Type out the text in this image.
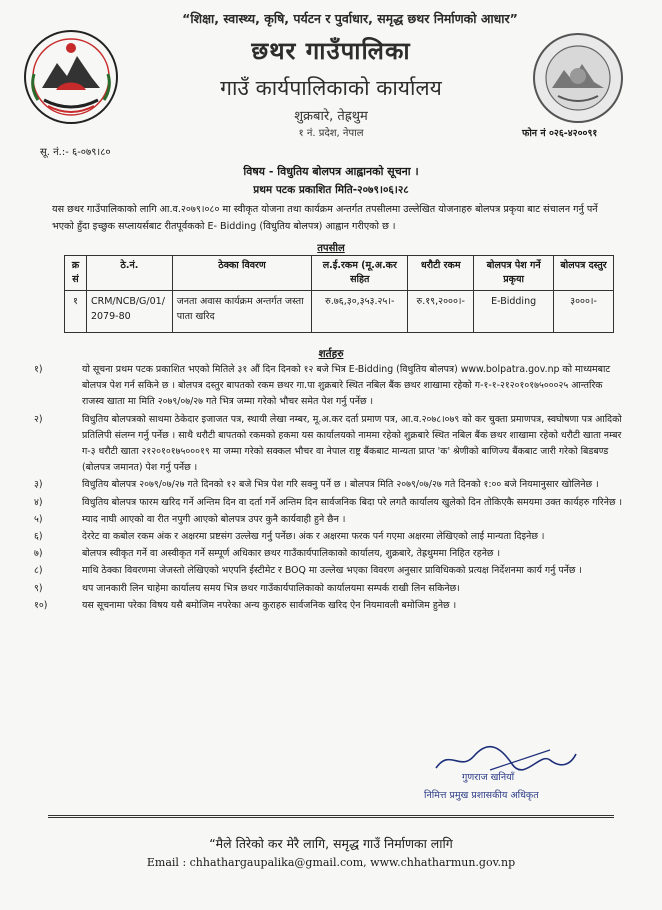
“शिक्षा, स्वास्थ्य, कृषि, पर्यटन र पुर्वाधार, समृद्ध छथर निर्माणको आधार”
छथर गाउँपालिका
गाउँ कार्यपालिकाको कार्यालय
शुक्रबारे, तेह्रथुम
१ नं. प्रदेश, नेपाल	फोन नं ०२६-४२००९१
सू. नं.:- ६-०७९।८०
विषय - विधुतिय बोलपत्र आह्वानको सूचना ।
प्रथम पटक प्रकाशित मिति-२०७९।०६।२८
यस छथर गाउँपालिकाको लागि आ.व.२०७९।०८० मा स्वीकृत योजना तथा कार्यक्रम अन्तर्गत तपसीलमा उल्लेखित योजनाहरु बोलपत्र प्रकृया बाट संचालन गर्नु पर्ने भएको हुँदा इच्छुक सप्लायर्सबाट रीतपूर्वकको E- Bidding (विधुतिय बोलपत्र) आह्वान गरीएको छ ।
तपसील
क्र सं	ठे.नं.	ठेक्का विवरण	ल.ई.रकम (मू.अ.कर सहित	धरौटी रकम	बोलपत्र पेश गर्ने प्रकृया	बोलपत्र दस्तुर
१	CRM/NCB/G/01/2079-80	जनता अवास कार्यक्रम अन्तर्गत जस्ता पाता खरिद	रु.७६,३०,३५३.२५।-	रु.१९,२०००।-	E-Bidding	३०००।-
शर्तहरु
१)	यो सूचना प्रथम पटक प्रकाशित भएको मितिले ३१ औं दिन दिनको १२ बजे भित्र E-Bidding (विधुतिय बोलपत्र) www.bolpatra.gov.np को माध्यमबाट बोलपत्र पेश गर्न सकिने छ । बोलपत्र दस्तुर बापतको रकम छथर गा.पा शुक्रबारे स्थित नबिल बैंक छथर शाखामा रहेको ग-१-१-२१२०१०१७५०००२५ आन्तरिक राजस्व खाता मा मिति २०७९/०७/२७ गते भित्र जम्मा गरेको भौचर समेत पेश गर्नु पर्नेछ ।
२)	विधुतिय बोलपत्रको साथमा ठेकेदार इजाजत पत्र, स्थायी लेखा नम्बर, मू.अ.कर दर्ता प्रमाण पत्र, आ.व.२०७८।०७९ को कर चुक्ता प्रमाणपत्र, स्वघोषणा पत्र आदिको प्रतिलिपी संलग्न गर्नु पर्नेछ । साथै धरौटी बापतको रकमको हकमा यस कार्यालयको नाममा रहेको शुक्रबारे स्थित नबिल बैंक छथर शाखामा रहेको धरौटी खाता नम्बर ग-३ धरौटी खाता २१२०१०१७५०००१९ मा जम्मा गरेको सक्कल भौचर वा नेपाल राष्ट्र बैंकबाट मान्यता प्राप्त 'क' श्रेणीको बाणिज्य बैंकबाट जारी गरेको बिडबण्ड (बोलपत्र जमानत) पेश गर्नु पर्नेछ ।
३)	विधुतिय बोलपत्र २०७९/०७/२७ गते दिनको १२ बजे भित्र पेश गरि सक्नु पर्ने छ । बोलपत्र मिति २०७९/०७/२७ गते दिनको १:०० बजे नियमानुसार खोलिनेछ ।
४)	विधुतिय बोलपत्र फारम खरिद गर्ने अन्तिम दिन वा दर्ता गर्ने अन्तिम दिन सार्वजनिक बिदा परे लगतै कार्यालय खुलेको दिन तोकिएकै समयमा उक्त कार्यहरु गरिनेछ ।
५)	म्याद नाघी आएको वा रीत नपुगी आएको बोलपत्र उपर कुनै कार्यवाही हुने छैन ।
६)	देररेट वा कबोल रकम अंक र अक्षरमा प्रष्टसंग उल्लेख गर्नु पर्नेछ। अंक र अक्षरमा फरक पर्न गएमा अक्षरमा लेखिएको लाई मान्यता दिइनेछ ।
७)	बोलपत्र स्वीकृत गर्ने वा अस्वीकृत गर्ने सम्पूर्ण अधिकार छथर गाउँकार्यपालिकाको कार्यालय, शुक्रबारे, तेह्रथुममा निहित रहनेछ ।
८)	माथि ठेक्का विवरणमा जेजस्तो लेखिएको भएपनि ईस्टीमेट र BOQ मा उल्लेख भएका विवरण अनुसार प्राविधिकको प्रत्यक्ष निर्देशनमा कार्य गर्नु पर्नेछ ।
९)	थप जानकारी लिन चाहेमा कार्यालय समय भित्र छथर गाउँकार्यपालिकाको कार्यालयमा सम्पर्क राखी लिन सकिनेछ।
१०)	यस सूचनामा परेका विषय यसै बमोजिम नपरेका अन्य कुराहरु सार्वजनिक खरिद ऐन नियमावली बमोजिम हुनेछ ।
गुणराज खनियाँ
निमित्त प्रमुख प्रशासकीय अधिकृत
“मैले तिरेको कर मेरै लागि, समृद्ध गाउँ निर्माणका लागि
Email : chhathargaupalika@gmail.com, www.chhatharmun.gov.np
